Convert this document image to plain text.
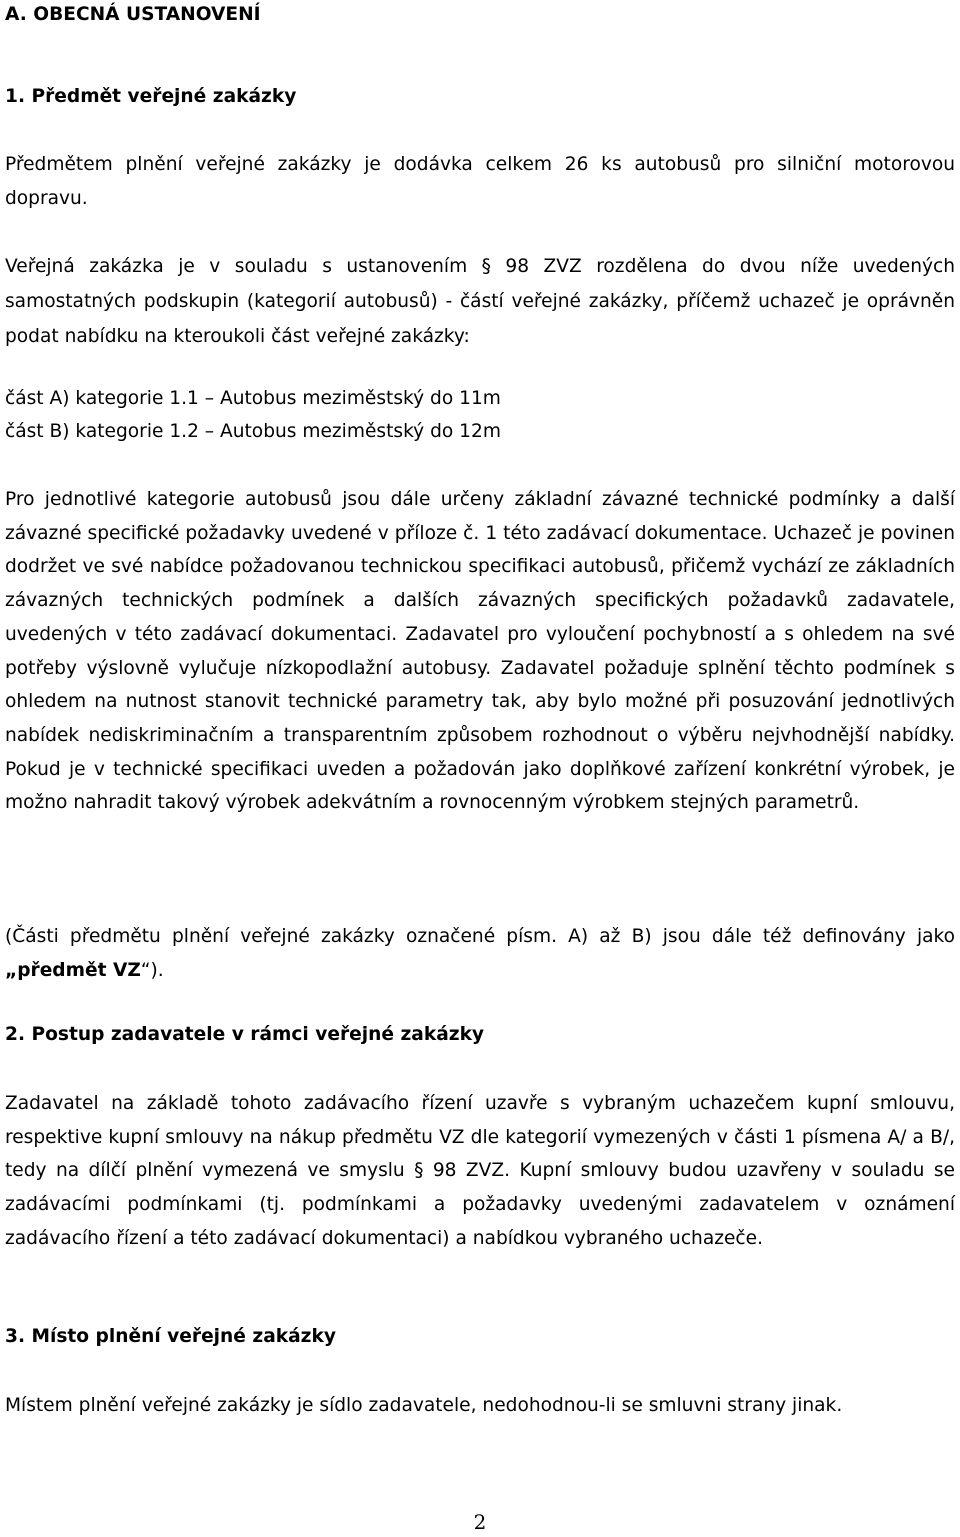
A. OBECNÁ USTANOVENÍ
1. Předmět veřejné zakázky

Předmětem plnění veřejné zakázky je dodávka celkem 26 ks autobusů pro silniční motorovou dopravu.

Veřejná zakázka je v souladu s ustanovením § 98 ZVZ rozdělena do dvou níže uvedených samostatných podskupin (kategorií autobusů) - částí veřejné zakázky, příčemž uchazeč je oprávněn podat nabídku na kteroukoli část veřejné zakázky:

část A) kategorie 1.1 – Autobus meziměstský do 11m
část B) kategorie 1.2 – Autobus meziměstský do 12m

Pro jednotlivé kategorie autobusů jsou dále určeny základní závazné technické podmínky a další závazné specifické požadavky uvedené v příloze č. 1 této zadávací dokumentace. Uchazeč je povinen dodržet ve své nabídce požadovanou technickou specifikaci autobusů, přičemž vychází ze základních závazných technických podmínek a dalších závazných specifických požadavků zadavatele, uvedených v této zadávací dokumentaci. Zadavatel pro vyloučení pochybností a s ohledem na své potřeby výslovně vylučuje nízkopodlažní autobusy. Zadavatel požaduje splnění těchto podmínek s ohledem na nutnost stanovit technické parametry tak, aby bylo možné při posuzování jednotlivých nabídek nediskriminačním a transparentním způsobem rozhodnout o výběru nejvhodnější nabídky. Pokud je v technické specifikaci uveden a požadován jako doplňkové zařízení konkrétní výrobek, je možno nahradit takový výrobek adekvátním a rovnocenným výrobkem stejných parametrů.

(Části předmětu plnění veřejné zakázky označené písm. A) až B) jsou dále též definovány jako „předmět VZ“).

2. Postup zadavatele v rámci veřejné zakázky

Zadavatel na základě tohoto zadávacího řízení uzavře s vybraným uchazečem kupní smlouvu, respektive kupní smlouvy na nákup předmětu VZ dle kategorií vymezených v části 1 písmena A/ a B/, tedy na dílčí plnění vymezená ve smyslu § 98 ZVZ. Kupní smlouvy budou uzavřeny v souladu se zadávacími podmínkami (tj. podmínkami a požadavky uvedenými zadavatelem v oznámení zadávacího řízení a této zadávací dokumentaci) a nabídkou vybraného uchazeče.

3. Místo plnění veřejné zakázky

Místem plnění veřejné zakázky je sídlo zadavatele, nedohodnou-li se smluvni strany jinak.

2
